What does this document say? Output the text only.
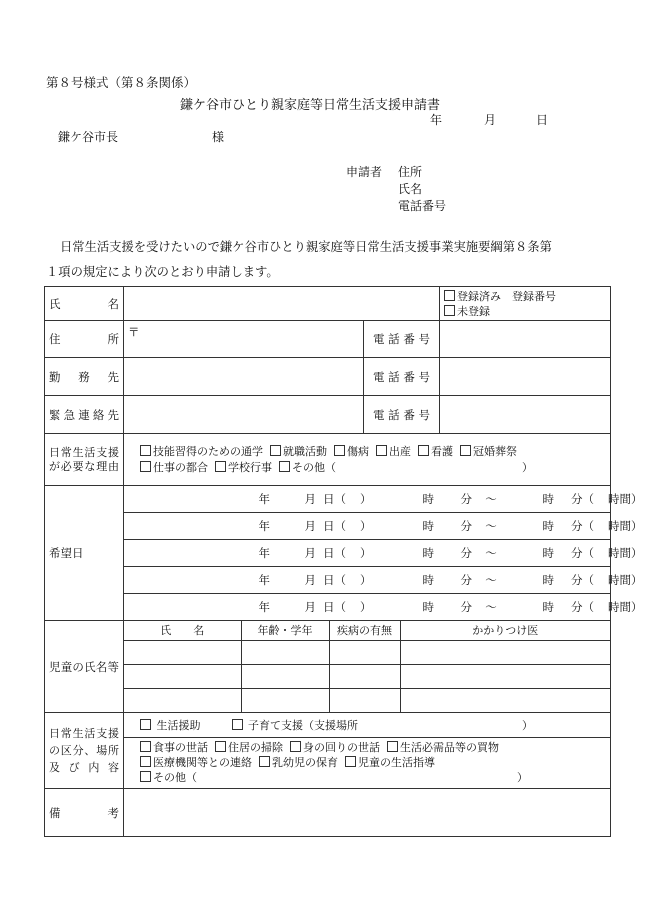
第８号様式（第８条関係）
鎌ケ谷市ひとり親家庭等日常生活支援申請書
年	月	日
鎌ケ谷市長	様
申請者 住所
氏名
電話番号
日常生活支援を受けたいので鎌ケ谷市ひとり親家庭等日常生活支援事業実施要綱第８条第
１項の規定により次のとおり申請します。
氏　　名		
登録済み　登録番号
未登録

住　　所	〒	電 話 番 号	
勤　務　先		電 話 番 号	
緊急連絡先		電 話 番 号	
日常生活支援が必要な理由	
技能習得のための通学 就職活動 傷病 出産 看護 冠婚葬祭
仕事の都合 学校行事 その他（	）

希望日	
年	月 日（ ）	時	分	～	時	分（ 時間）

年	月 日（ ）	時	分	～	時	分（ 時間）

年	月 日（ ）	時	分	～	時	分（ 時間）

年	月 日（ ）	時	分	～	時	分（ 時間）

年	月 日（ ）	時	分	～	時	分（ 時間）

児童の氏名等	
氏　　名	年齢・学年	疾病の有無	かかりつけ医

日常生活支援の区分、場所及び内容	
生活援助	子育て支援（支援場所	）
食事の世話 住居の掃除 身の回りの世話 生活必需品等の買物
医療機関等との連絡 乳幼児の保育 児童の生活指導
その他（	）

備　　考	
